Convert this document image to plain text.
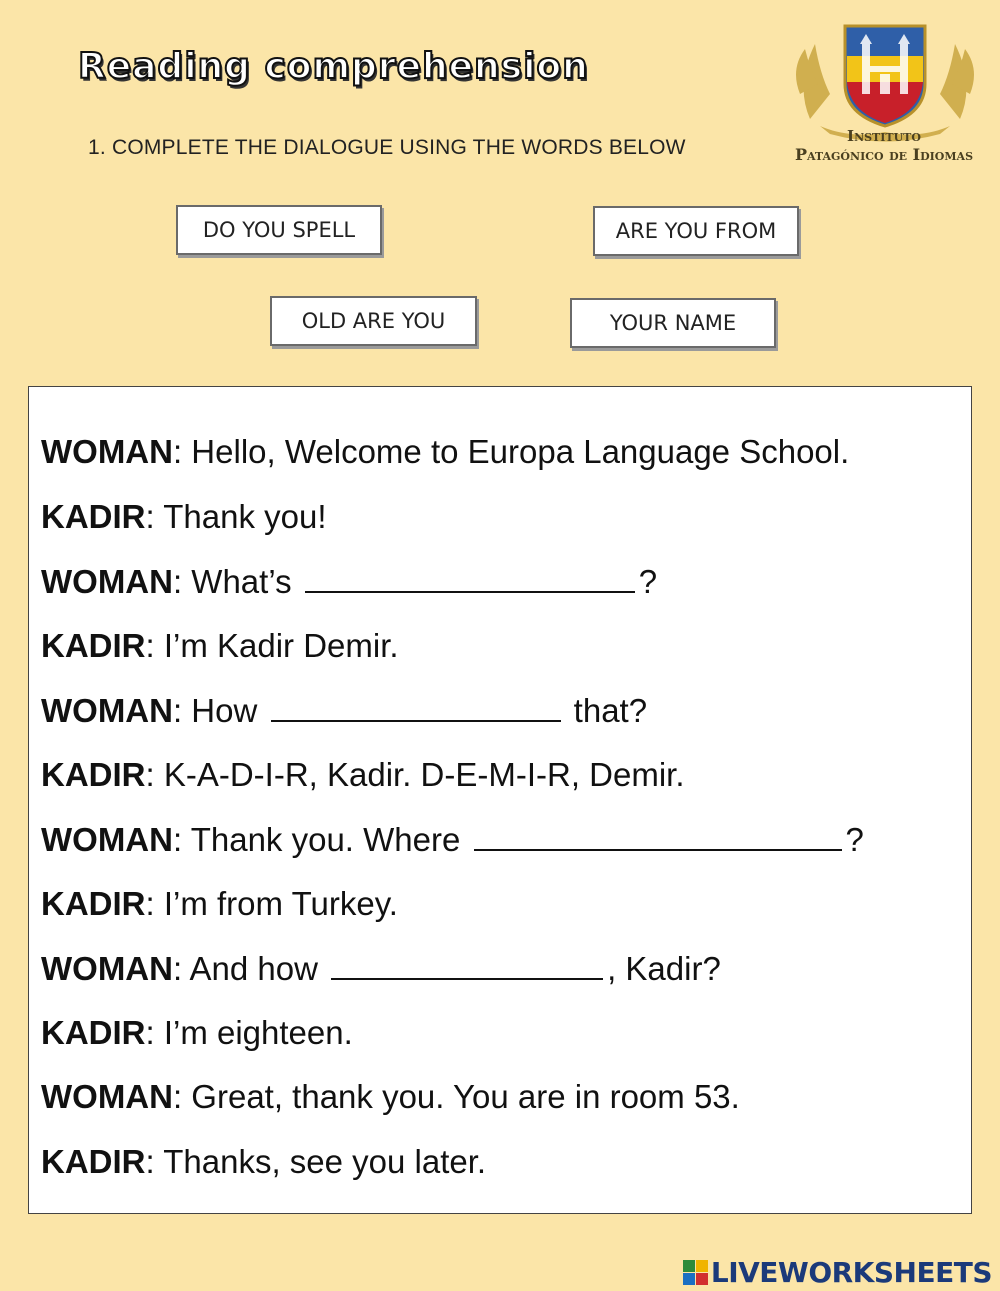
Reading comprehension
1. COMPLETE THE DIALOGUE USING THE WORDS BELOW	Instituto
Patagónico de Idiomas
DO YOU SPELL	ARE YOU FROM
OLD ARE YOU	YOUR NAME
WOMAN: Hello, Welcome to Europa Language School.
KADIR: Thank you!
WOMAN: What’s	?
KADIR: I’m Kadir Demir.
WOMAN: How	that?
KADIR: K-A-D-I-R, Kadir. D-E-M-I-R, Demir.
WOMAN: Thank you. Where	?
KADIR: I’m from Turkey.
WOMAN: And how	, Kadir?
KADIR: I’m eighteen.
WOMAN: Great, thank you. You are in room 53.
KADIR: Thanks, see you later.
LIVEWORKSHEETS
